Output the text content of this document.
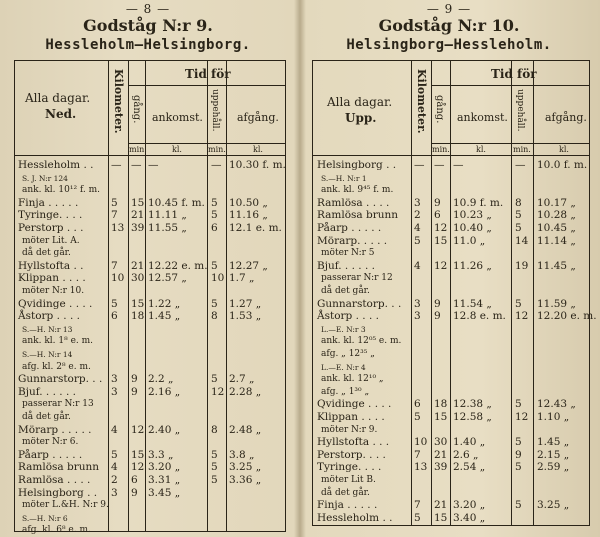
— 8 —
Godståg N:r 9.
Hessleholm—Helsingborg.
Alla dagar.
Ned.	Kilometer.	Tid för
gång. ankomst. uppehåll. afgång.
min.	kl.	min.	kl.
Hessleholm . . — — —	— 10.30 f. m.
S. J. N:r 124
ank. kl. 10¹² f. m.
Finja . . . . .	5 15 10.45 f. m. 5 10.50 „
Tyringe. . . .	7 21 11.11 „ 5 11.16 „
Perstorp . . .	13 39 11.55 „ 6 12.1 e. m.
möter Lit. A.
då det går.
Hyllstofta . .	7 21 12.22 e. m. 5 12.27 „
Klippan . . . . 10 30 12.57 „ 10 1.7 „
möter N:r 10.
Qvidinge . . . . 5 15 1.22 „	5 1.27 „
Åstorp . . . .	6 18 1.45 „	8 1.53 „
S.—H. N:r 13
ank. kl. 1⁸ e. m.
S.—H. N:r 14
afg. kl. 2⁸ e. m.
Gunnarstorp. . . 3 9 2.2 „	5 2.7 „
Bjuf. . . . . .	3 9 2.16 „	12 2.28 „
passerar N:r 13
då det går.
Mörarp . . . . . 4 12 2.40 „	8 2.48 „
möter N:r 6.
Påarp . . . . .	5 15 3.3 „	5 3.8 „
Ramlösa brunn 4 12 3.20 „	5 3.25 „
Ramlösa . . . . 2 6 3.31 „	5 3.36 „
Helsingborg . . 3 9 3.45 „
möter L.&H. N:r 9.
S.—H. N:r 6
afg. kl. 6⁸ e. m.
— 9 —
Godståg N:r 10.
Helsingborg—Hessleholm.
Alla dagar.
Upp.	Kilometer.	Tid för
gång. ankomst. uppehåll. afgång.
min.	kl.	min.	kl.
Helsingborg . . — — —	— 10.0 f. m.
S.—H. N:r 1
ank. kl. 9⁴⁵ f. m.
Ramlösa . . . . 3 9 10.9 f. m. 8 10.17 „
Ramlösa brunn 2 6 10.23 „ 5 10.28 „
Påarp . . . . .	4 12 10.40 „ 5 10.45 „
Mörarp. . . . .	5 15 11.0 „	14 11.14 „
möter N:r 5
Bjuf. . . . . .	4 12 11.26 „ 19 11.45 „
passerar N:r 12
då det går.
Gunnarstorp. . . 3 9 11.54 „ 5 11.59 „
Åstorp . . . .	3 9 12.8 e. m. 12 12.20 e. m.
L.—E. N:r 3
ank. kl. 12⁰⁵ e. m.
afg. „ 12³⁵ „
L.—E. N:r 4
ank. kl. 12¹⁰ „
afg. „ 1³⁰ „
Qvidinge . . . . 6 18 12.38 „ 5 12.43 „
Klippan . . . .	5 15 12.58 „ 12 1.10 „
möter N:r 9.
Hyllstofta . . . 10 30 1.40 „	5 1.45 „
Perstorp. . . .	7 21 2.6 „	9 2.15 „
Tyringe. . . .	13 39 2.54 „	5 2.59 „
möter Lit B.
då det går.
Finja . . . . .	7 21 3.20 „	5 3.25 „
Hessleholm . . 5 15 3.40 „
